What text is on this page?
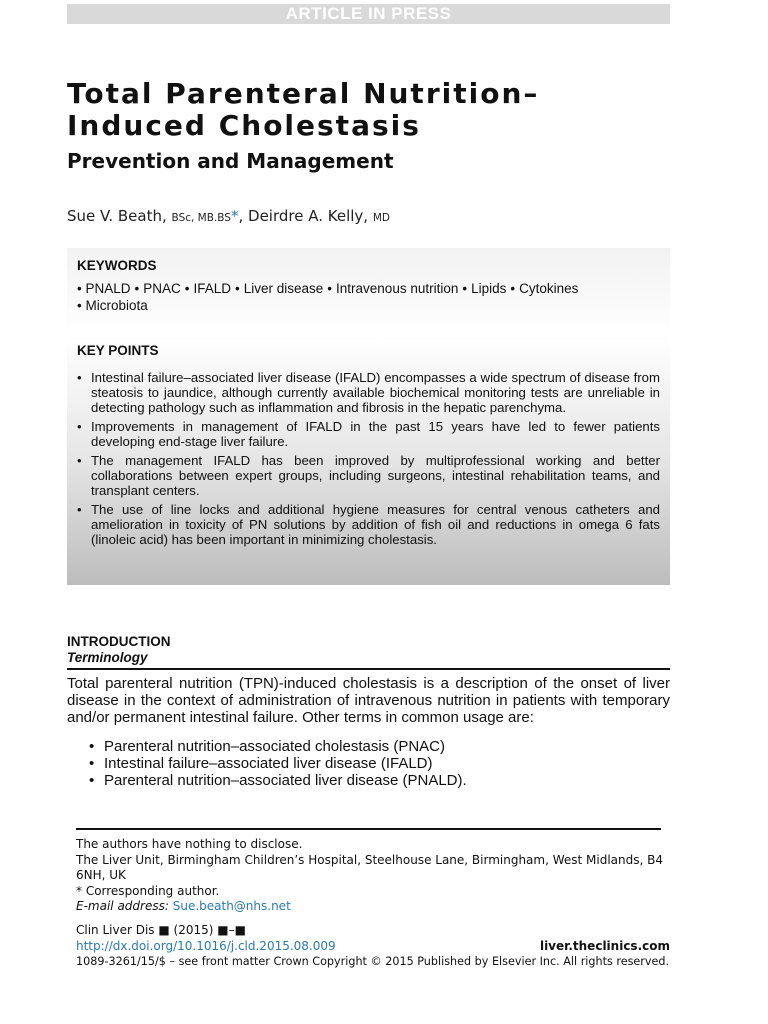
ARTICLE IN PRESS
Total Parenteral Nutrition–
Induced Cholestasis
Prevention and Management
Sue V. Beath, BSc, MB.BS*, Deirdre A. Kelly, MD
KEYWORDS
• PNALD • PNAC • IFALD • Liver disease • Intravenous nutrition • Lipids • Cytokines
• Microbiota
KEY POINTS
• Intestinal failure–associated liver disease (IFALD) encompasses a wide spectrum of disease from steatosis to jaundice, although currently available biochemical monitoring tests are unreliable in detecting pathology such as inflammation and fibrosis in the hepatic parenchyma.
• Improvements in management of IFALD in the past 15 years have led to fewer patients developing end-stage liver failure.
• The management IFALD has been improved by multiprofessional working and better collaborations between expert groups, including surgeons, intestinal rehabilitation teams, and transplant centers.
• The use of line locks and additional hygiene measures for central venous catheters and amelioration in toxicity of PN solutions by addition of fish oil and reductions in omega 6 fats (linoleic acid) has been important in minimizing cholestasis.
INTRODUCTION
Terminology

Total parenteral nutrition (TPN)-induced cholestasis is a description of the onset of liver disease in the context of administration of intravenous nutrition in patients with temporary and/or permanent intestinal failure. Other terms in common usage are:

• Parenteral nutrition–associated cholestasis (PNAC)
• Intestinal failure–associated liver disease (IFALD)
• Parenteral nutrition–associated liver disease (PNALD).
The authors have nothing to disclose.
The Liver Unit, Birmingham Children’s Hospital, Steelhouse Lane, Birmingham, West Midlands, B4 6NH, UK
* Corresponding author.
E-mail address: Sue.beath@nhs.net
Clin Liver Dis ■ (2015) ■–■
http://dx.doi.org/10.1016/j.cld.2015.08.009	liver.theclinics.com
1089-3261/15/$ – see front matter Crown Copyright © 2015 Published by Elsevier Inc. All rights reserved.
